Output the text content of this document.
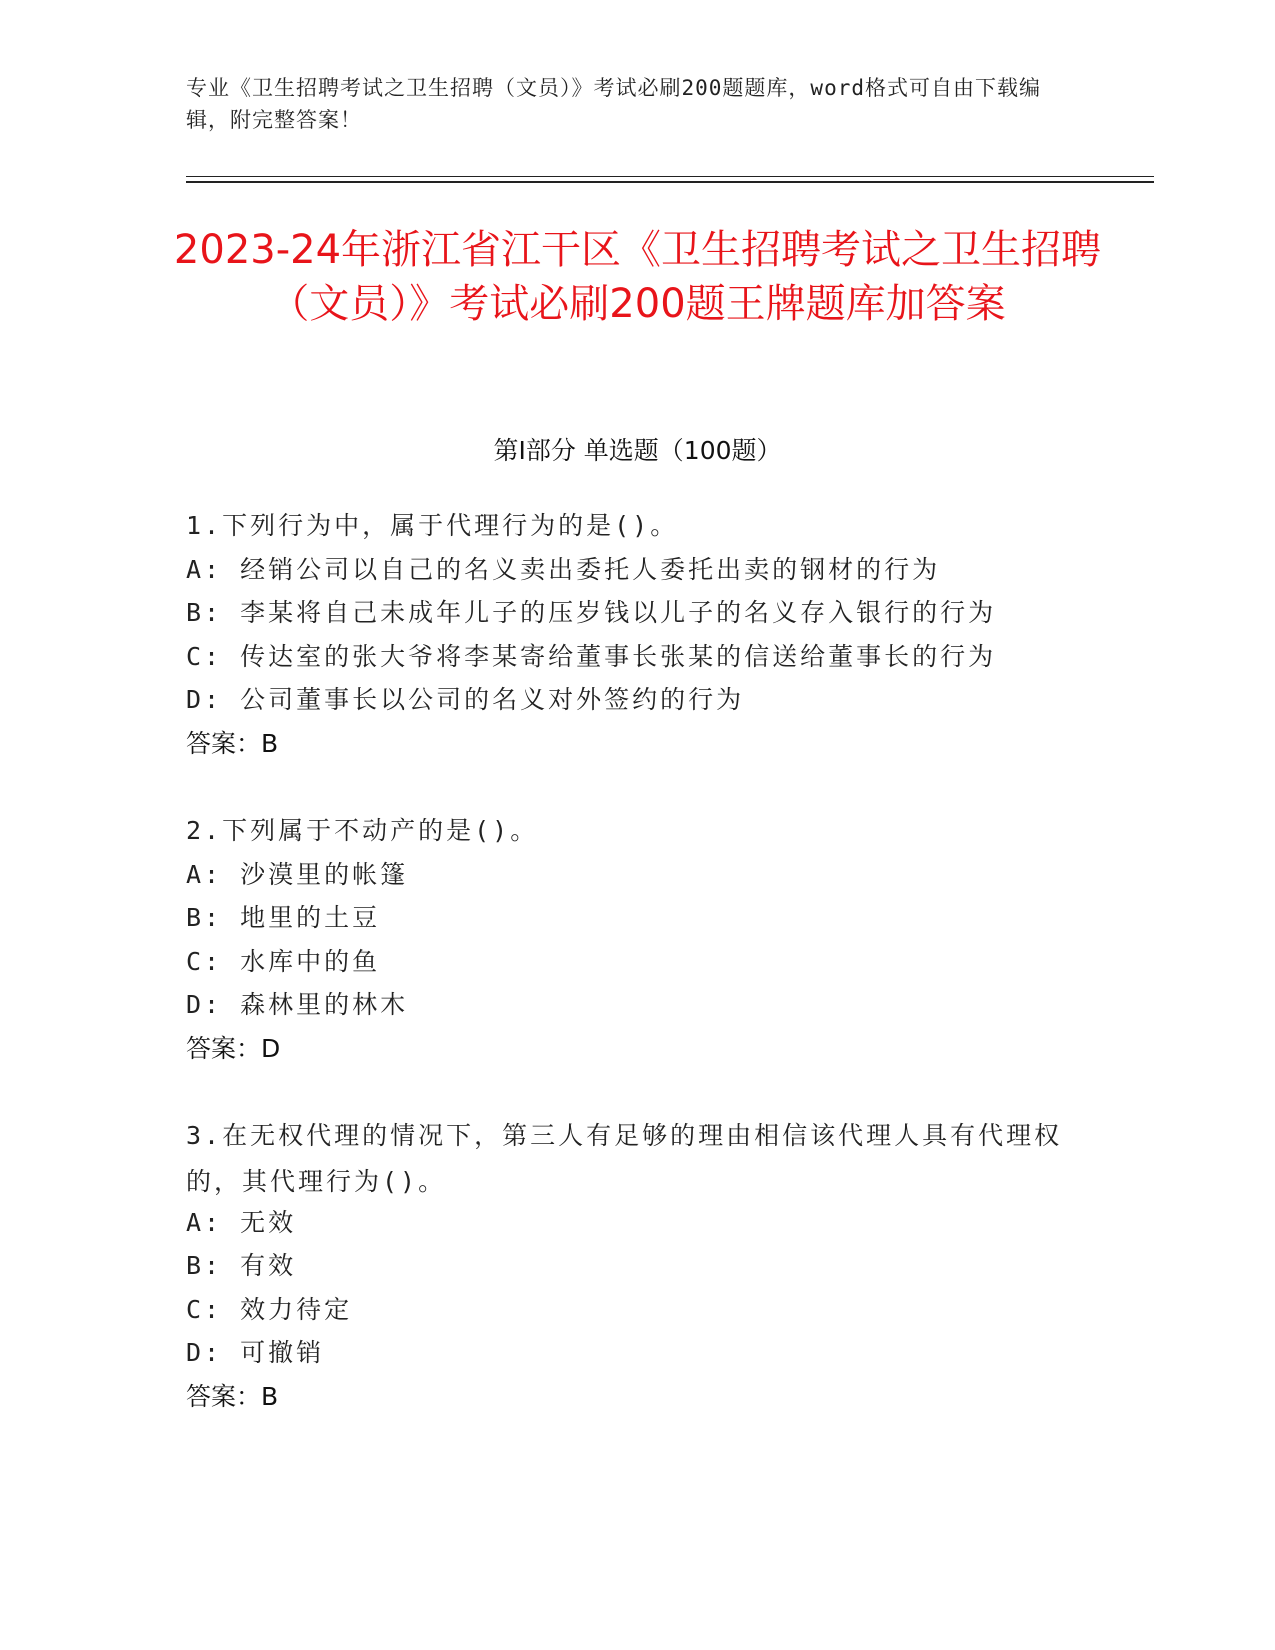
专业《卫生招聘考试之卫生招聘（文员）》考试必刷200题题库，word格式可自由下载编辑，附完整答案！
2023-24年浙江省江干区《卫生招聘考试之卫生招聘（文员）》考试必刷200题王牌题库加答案
第Ⅰ部分 单选题（100题）
1.下列行为中，属于代理行为的是()。
A: 经销公司以自己的名义卖出委托人委托出卖的钢材的行为
B: 李某将自己未成年儿子的压岁钱以儿子的名义存入银行的行为
C: 传达室的张大爷将李某寄给董事长张某的信送给董事长的行为
D: 公司董事长以公司的名义对外签约的行为
答案：B
2.下列属于不动产的是()。
A: 沙漠里的帐篷
B: 地里的土豆
C: 水库中的鱼
D: 森林里的林木
答案：D
3.在无权代理的情况下，第三人有足够的理由相信该代理人具有代理权的，其代理行为()。
A: 无效
B: 有效
C: 效力待定
D: 可撤销
答案：B
